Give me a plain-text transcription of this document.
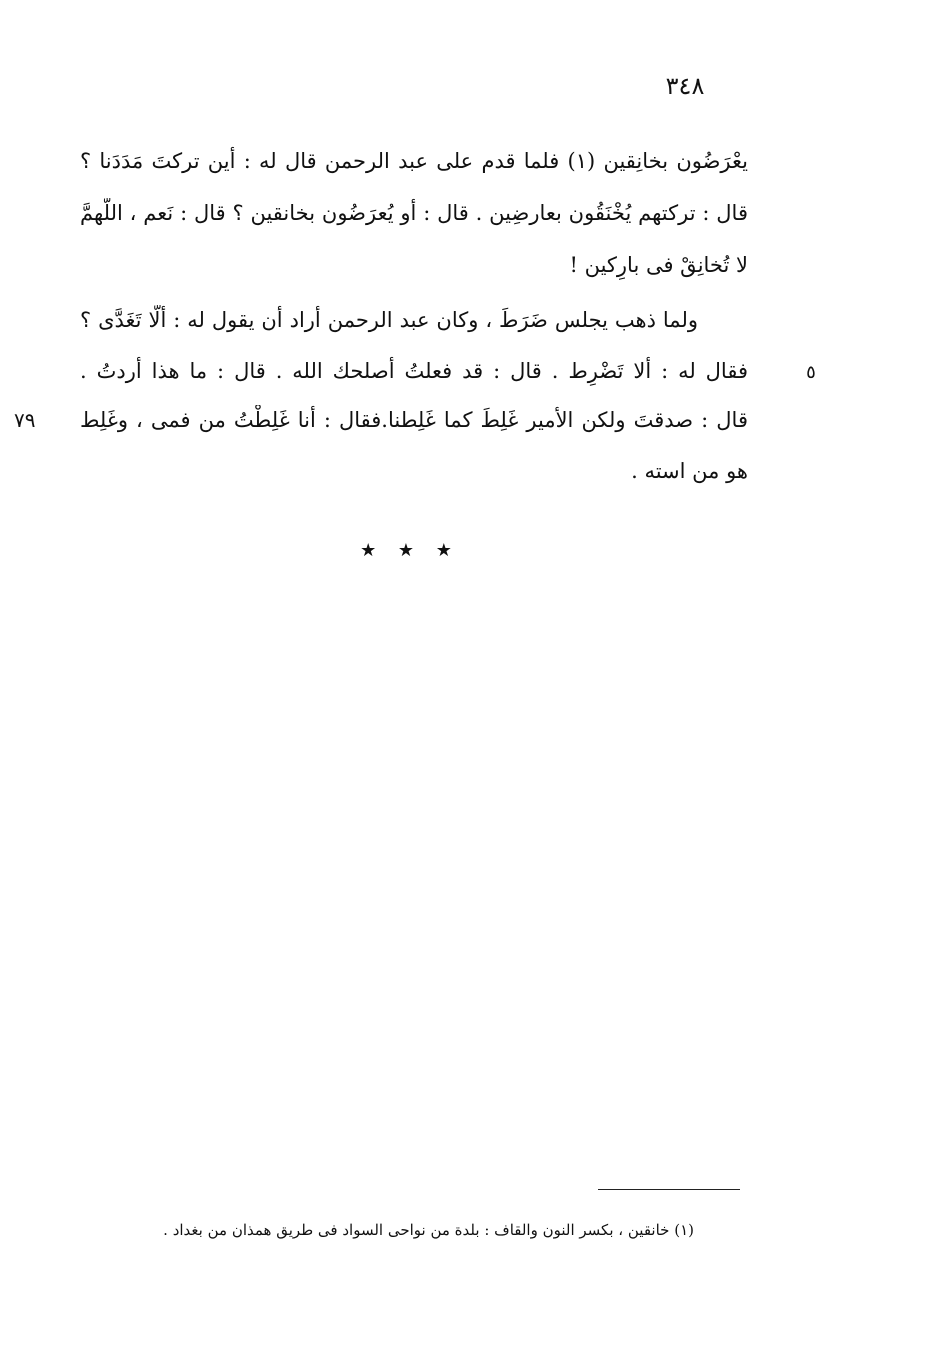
٣٤٨
يعْرَضُون بخانِقين (١) فلما قدم على عبد الرحمن قال له : أين تركتَ مَدَدَنا ؟
قال : تركتهم يُخْنَقُون بعارضِين . قال : أو يُعرَضُون بخانقين ؟ قال : نَعم ، اللّهمَّ
لا تُخانِقْ فى بارِكين !
ولما ذهب يجلس ضَرَطَ ، وكان عبد الرحمن أراد أن يقول له : ألّا تَغَدَّى ؟
فقال له : ألا تَضْرِط . قال : قد فعلتُ أصلحك الله . قال : ما هذا أردتُ .	٥
قال : صدقتَ ولكن الأمير غَلِطَ كما غَلِطنا.فقال : أنا غَلِطْتُ من فمى ، وغَلِط
٧٩
هو من استه .
★ ★ ★
(١) خانقين ، بكسر النون والقاف : بلدة من نواحى السواد فى طريق همذان من بغداد .
